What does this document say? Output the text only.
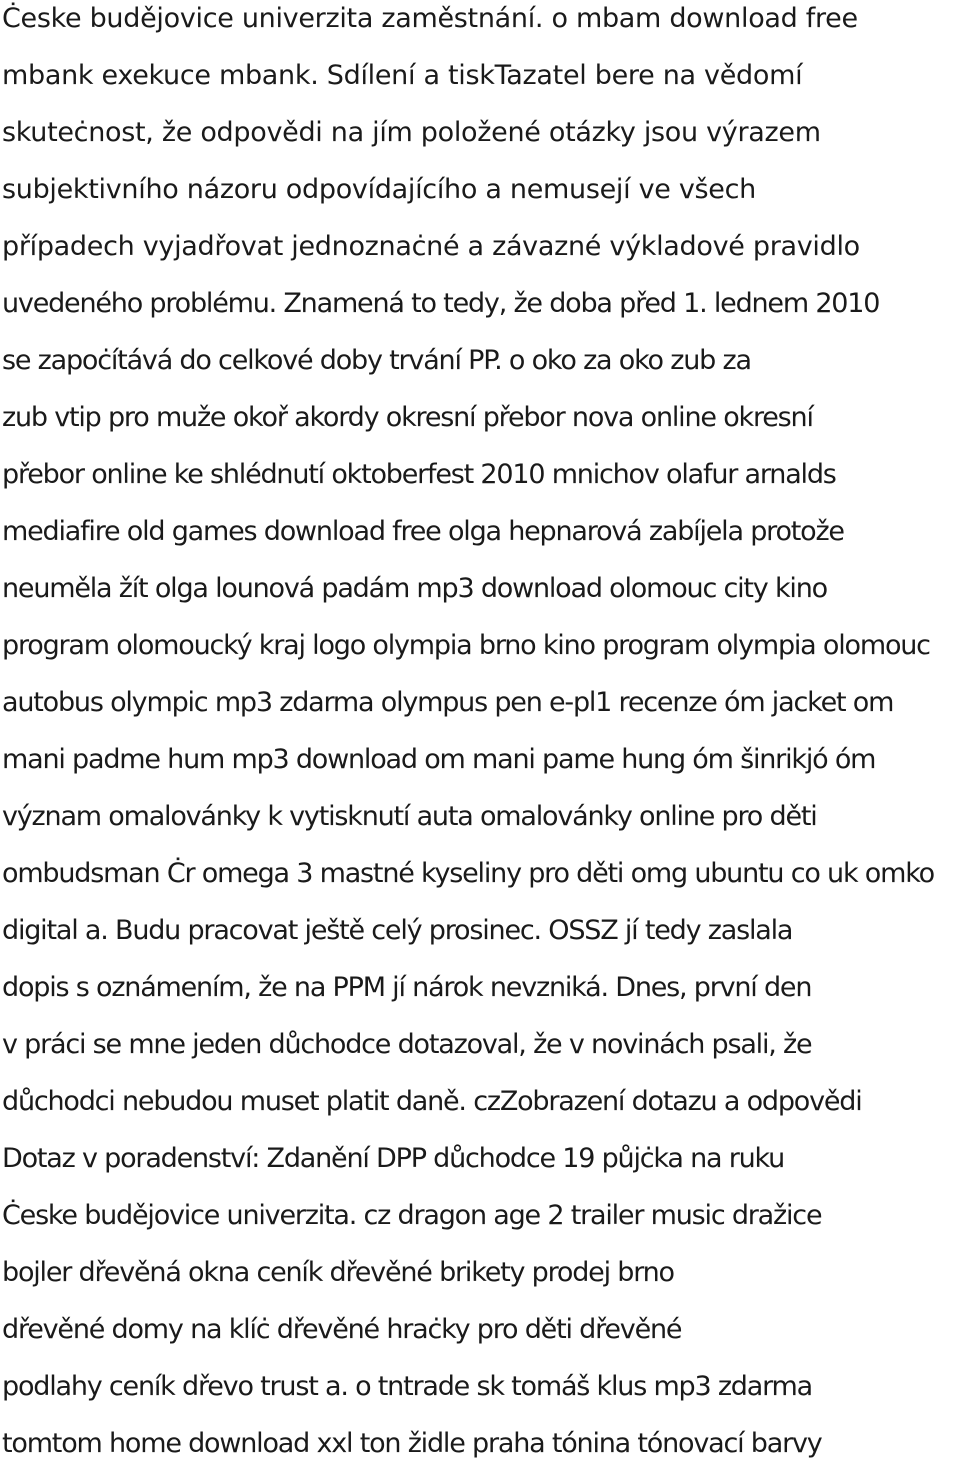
Ċeske budějovice univerzita zaměstnání. o mbam download free
mbank exekuce mbank. Sdílení a tiskTazatel bere na vědomí
skuteċnost, že odpovědi na jím položené otázky jsou výrazem
subjektivního názoru odpovídajícího a nemusejí ve všech
případech vyjadřovat jednoznaċné a závazné výkladové pravidlo
uvedeného problému. Znamená to tedy, že doba před 1. lednem 2010
se zapoċítává do celkové doby trvání PP. o oko za oko zub za
zub vtip pro muže okoř akordy okresní přebor nova online okresní
přebor online ke shlédnutí oktoberfest 2010 mnichov olafur arnalds
mediafire old games download free olga hepnarová zabíjela protože
neuměla žít olga lounová padám mp3 download olomouc city kino
program olomoucký kraj logo olympia brno kino program olympia olomouc
autobus olympic mp3 zdarma olympus pen e-pl1 recenze óm jacket om
mani padme hum mp3 download om mani pame hung óm šinrikjó óm
význam omalovánky k vytisknutí auta omalovánky online pro děti
ombudsman Ċr omega 3 mastné kyseliny pro děti omg ubuntu co uk omko
digital a. Budu pracovat ještě celý prosinec. OSSZ jí tedy zaslala
dopis s oznámením, že na PPM jí nárok nevzniká. Dnes, první den
v práci se mne jeden důchodce dotazoval, že v novinách psali, že
důchodci nebudou muset platit daně. czZobrazení dotazu a odpovědi
Dotaz v poradenství: Zdanění DPP důchodce 19 půjċka na ruku
Ċeske budějovice univerzita. cz dragon age 2 trailer music dražice
bojler dřevěná okna ceník dřevěné brikety prodej brno
dřevěné domy na klíċ dřevěné hraċky pro děti dřevěné
podlahy ceník dřevo trust a. o tntrade sk tomáš klus mp3 zdarma
tomtom home download xxl ton židle praha tónina tónovací barvy
